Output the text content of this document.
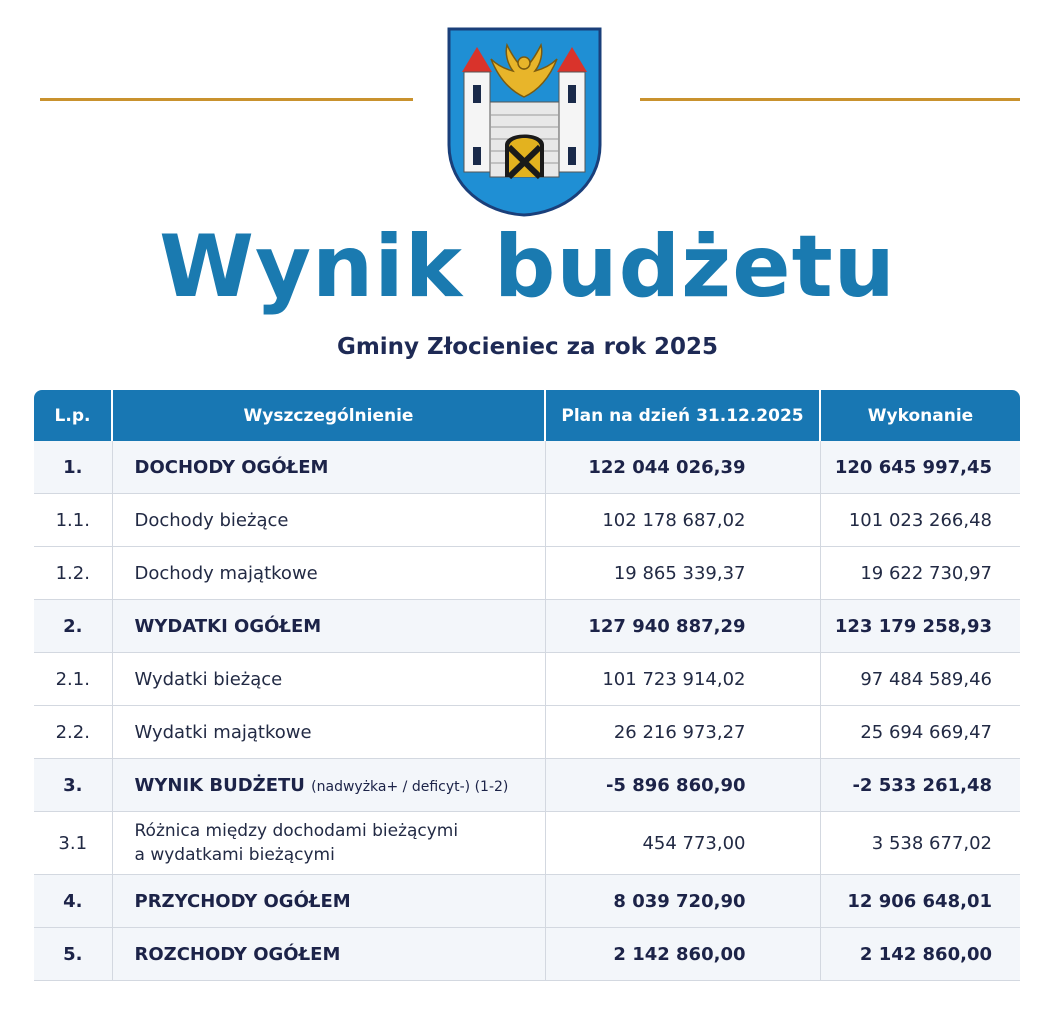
Wynik budżetu
Gminy Złocieniec za rok 2025
L.p.	Wyszczególnienie	Plan na dzień 31.12.2025	Wykonanie
1.	DOCHODY OGÓŁEM	122 044 026,39	120 645 997,45
1.1.	Dochody bieżące	102 178 687,02	101 023 266,48
1.2.	Dochody majątkowe	19 865 339,37	19 622 730,97
2.	WYDATKI OGÓŁEM	127 940 887,29	123 179 258,93
2.1.	Wydatki bieżące	101 723 914,02	97 484 589,46
2.2.	Wydatki majątkowe	26 216 973,27	25 694 669,47
3.	WYNIK BUDŻETU (nadwyżka+ / deficyt-) (1-2)	-5 896 860,90	-2 533 261,48
3.1	Różnica między dochodami bieżącymi
a wydatkami bieżącymi	454 773,00	3 538 677,02
4.	PRZYCHODY OGÓŁEM	8 039 720,90	12 906 648,01
5.	ROZCHODY OGÓŁEM	2 142 860,00	2 142 860,00
